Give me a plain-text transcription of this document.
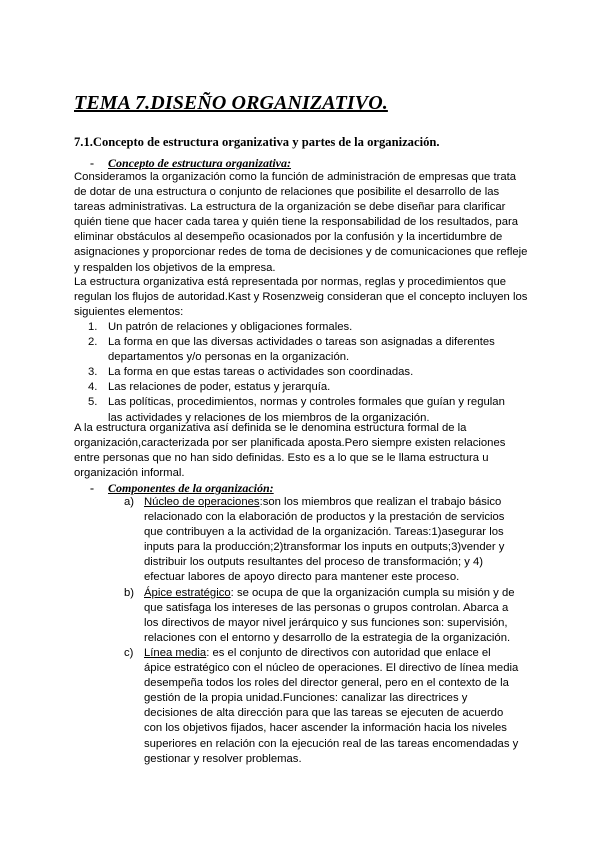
TEMA 7.DISEÑO ORGANIZATIVO.
7.1.Concepto de estructura organizativa y partes de la organización.
- Concepto de estructura organizativa:

Consideramos la organización como la función de administración de empresas que trata de dotar de una estructura o conjunto de relaciones que posibilite el desarrollo de las tareas administrativas. La estructura de la organización se debe diseñar para clarificar quién tiene que hacer cada tarea y quién tiene la responsabilidad de los resultados, para eliminar obstáculos al desempeño ocasionados por la confusión y la incertidumbre de asignaciones y proporcionar redes de toma de decisiones y de comunicaciones que refleje y respalden los objetivos de la empresa.

La estructura organizativa está representada por normas, reglas y procedimientos que regulan los flujos de autoridad.Kast y Rosenzweig consideran que el concepto incluyen los siguientes elementos:

1. Un patrón de relaciones y obligaciones formales.
2. La forma en que las diversas actividades o tareas son asignadas a diferentes departamentos y/o personas en la organización.
3. La forma en que estas tareas o actividades son coordinadas.
4. Las relaciones de poder, estatus y jerarquía.
5. Las políticas, procedimientos, normas y controles formales que guían y regulan las actividades y relaciones de los miembros de la organización.

A la estructura organizativa así definida se le denomina estructura formal de la organización,caracterizada por ser planificada aposta.Pero siempre existen relaciones entre personas que no han sido definidas. Esto es a lo que se le llama estructura u organización informal.

- Componentes de la organización:
a) Núcleo de operaciones:son los miembros que realizan el trabajo básico relacionado con la elaboración de productos y la prestación de servicios que contribuyen a la actividad de la organización. Tareas:1)asegurar los inputs para la producción;2)transformar los inputs en outputs;3)vender y distribuir los outputs resultantes del proceso de transformación; y 4) efectuar labores de apoyo directo para mantener este proceso.
b) Ápice estratégico: se ocupa de que la organización cumpla su misión y de que satisfaga los intereses de las personas o grupos controlan. Abarca a los directivos de mayor nivel jerárquico y sus funciones son: supervisión, relaciones con el entorno y desarrollo de la estrategia de la organización.
c) Línea media: es el conjunto de directivos con autoridad que enlace el ápice estratégico con el núcleo de operaciones. El directivo de línea media desempeña todos los roles del director general, pero en el contexto de la gestión de la propia unidad.Funciones: canalizar las directrices y decisiones de alta dirección para que las tareas se ejecuten de acuerdo con los objetivos fijados, hacer ascender la información hacia los niveles superiores en relación con la ejecución real de las tareas encomendadas y gestionar y resolver problemas.
